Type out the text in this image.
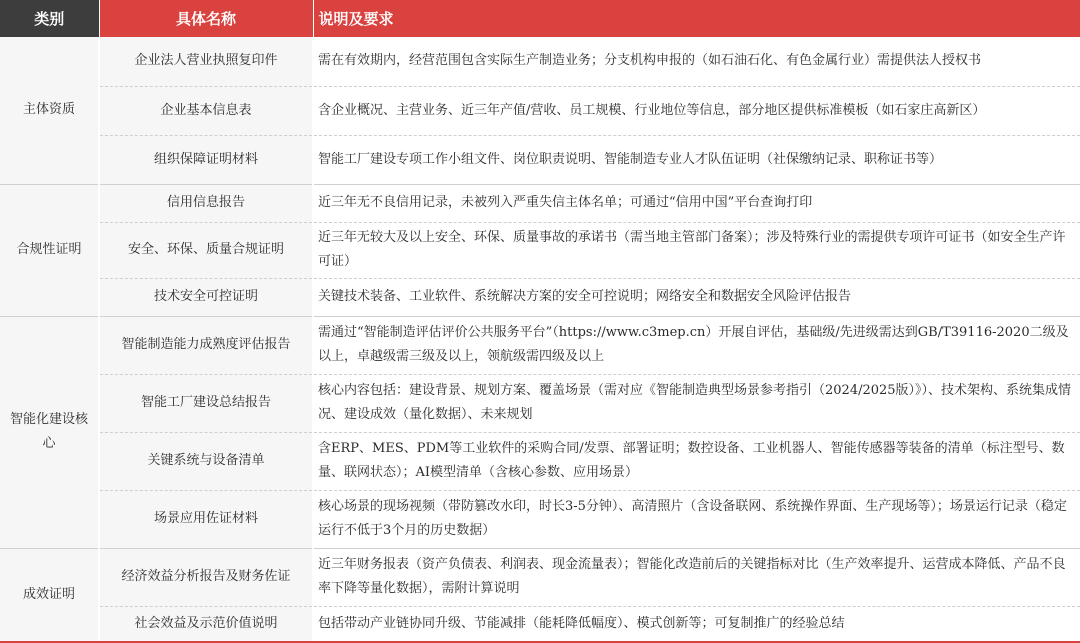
类别	具体名称	说明及要求
主体资质	企业法人营业执照复印件	需在有效期内，经营范围包含实际生产制造业务；分支机构申报的（如石油石化、有色金属行业）需提供法人授权书
	企业基本信息表	含企业概况、主营业务、近三年产值/营收、员工规模、行业地位等信息，部分地区提供标准模板（如石家庄高新区）
	组织保障证明材料	智能工厂建设专项工作小组文件、岗位职责说明、智能制造专业人才队伍证明（社保缴纳记录、职称证书等）
合规性证明	信用信息报告	近三年无不良信用记录，未被列入严重失信主体名单；可通过“信用中国”平台查询打印
	安全、环保、质量合规证明	近三年无较大及以上安全、环保、质量事故的承诺书（需当地主管部门备案）；涉及特殊行业的需提供专项许可证书（如安全生产许可证）
	技术安全可控证明	关键技术装备、工业软件、系统解决方案的安全可控说明；网络安全和数据安全风险评估报告
智能化建设核心	智能制造能力成熟度评估报告	需通过“智能制造评估评价公共服务平台”（https://www.c3mep.cn）开展自评估，基础级/先进级需达到GB/T39116-2020二级及以上，卓越级需三级及以上，领航级需四级及以上
	智能工厂建设总结报告	核心内容包括：建设背景、规划方案、覆盖场景（需对应《智能制造典型场景参考指引（2024/2025版）》）、技术架构、系统集成情况、建设成效（量化数据）、未来规划
	关键系统与设备清单	含ERP、MES、PDM等工业软件的采购合同/发票、部署证明；数控设备、工业机器人、智能传感器等装备的清单（标注型号、数量、联网状态）；AI模型清单（含核心参数、应用场景）
	场景应用佐证材料	核心场景的现场视频（带防篡改水印，时长3-5分钟）、高清照片（含设备联网、系统操作界面、生产现场等）；场景运行记录（稳定运行不低于3个月的历史数据）
成效证明	经济效益分析报告及财务佐证	近三年财务报表（资产负债表、利润表、现金流量表）；智能化改造前后的关键指标对比（生产效率提升、运营成本降低、产品不良率下降等量化数据），需附计算说明
	社会效益及示范价值说明	包括带动产业链协同升级、节能减排（能耗降低幅度）、模式创新等；可复制推广的经验总结
